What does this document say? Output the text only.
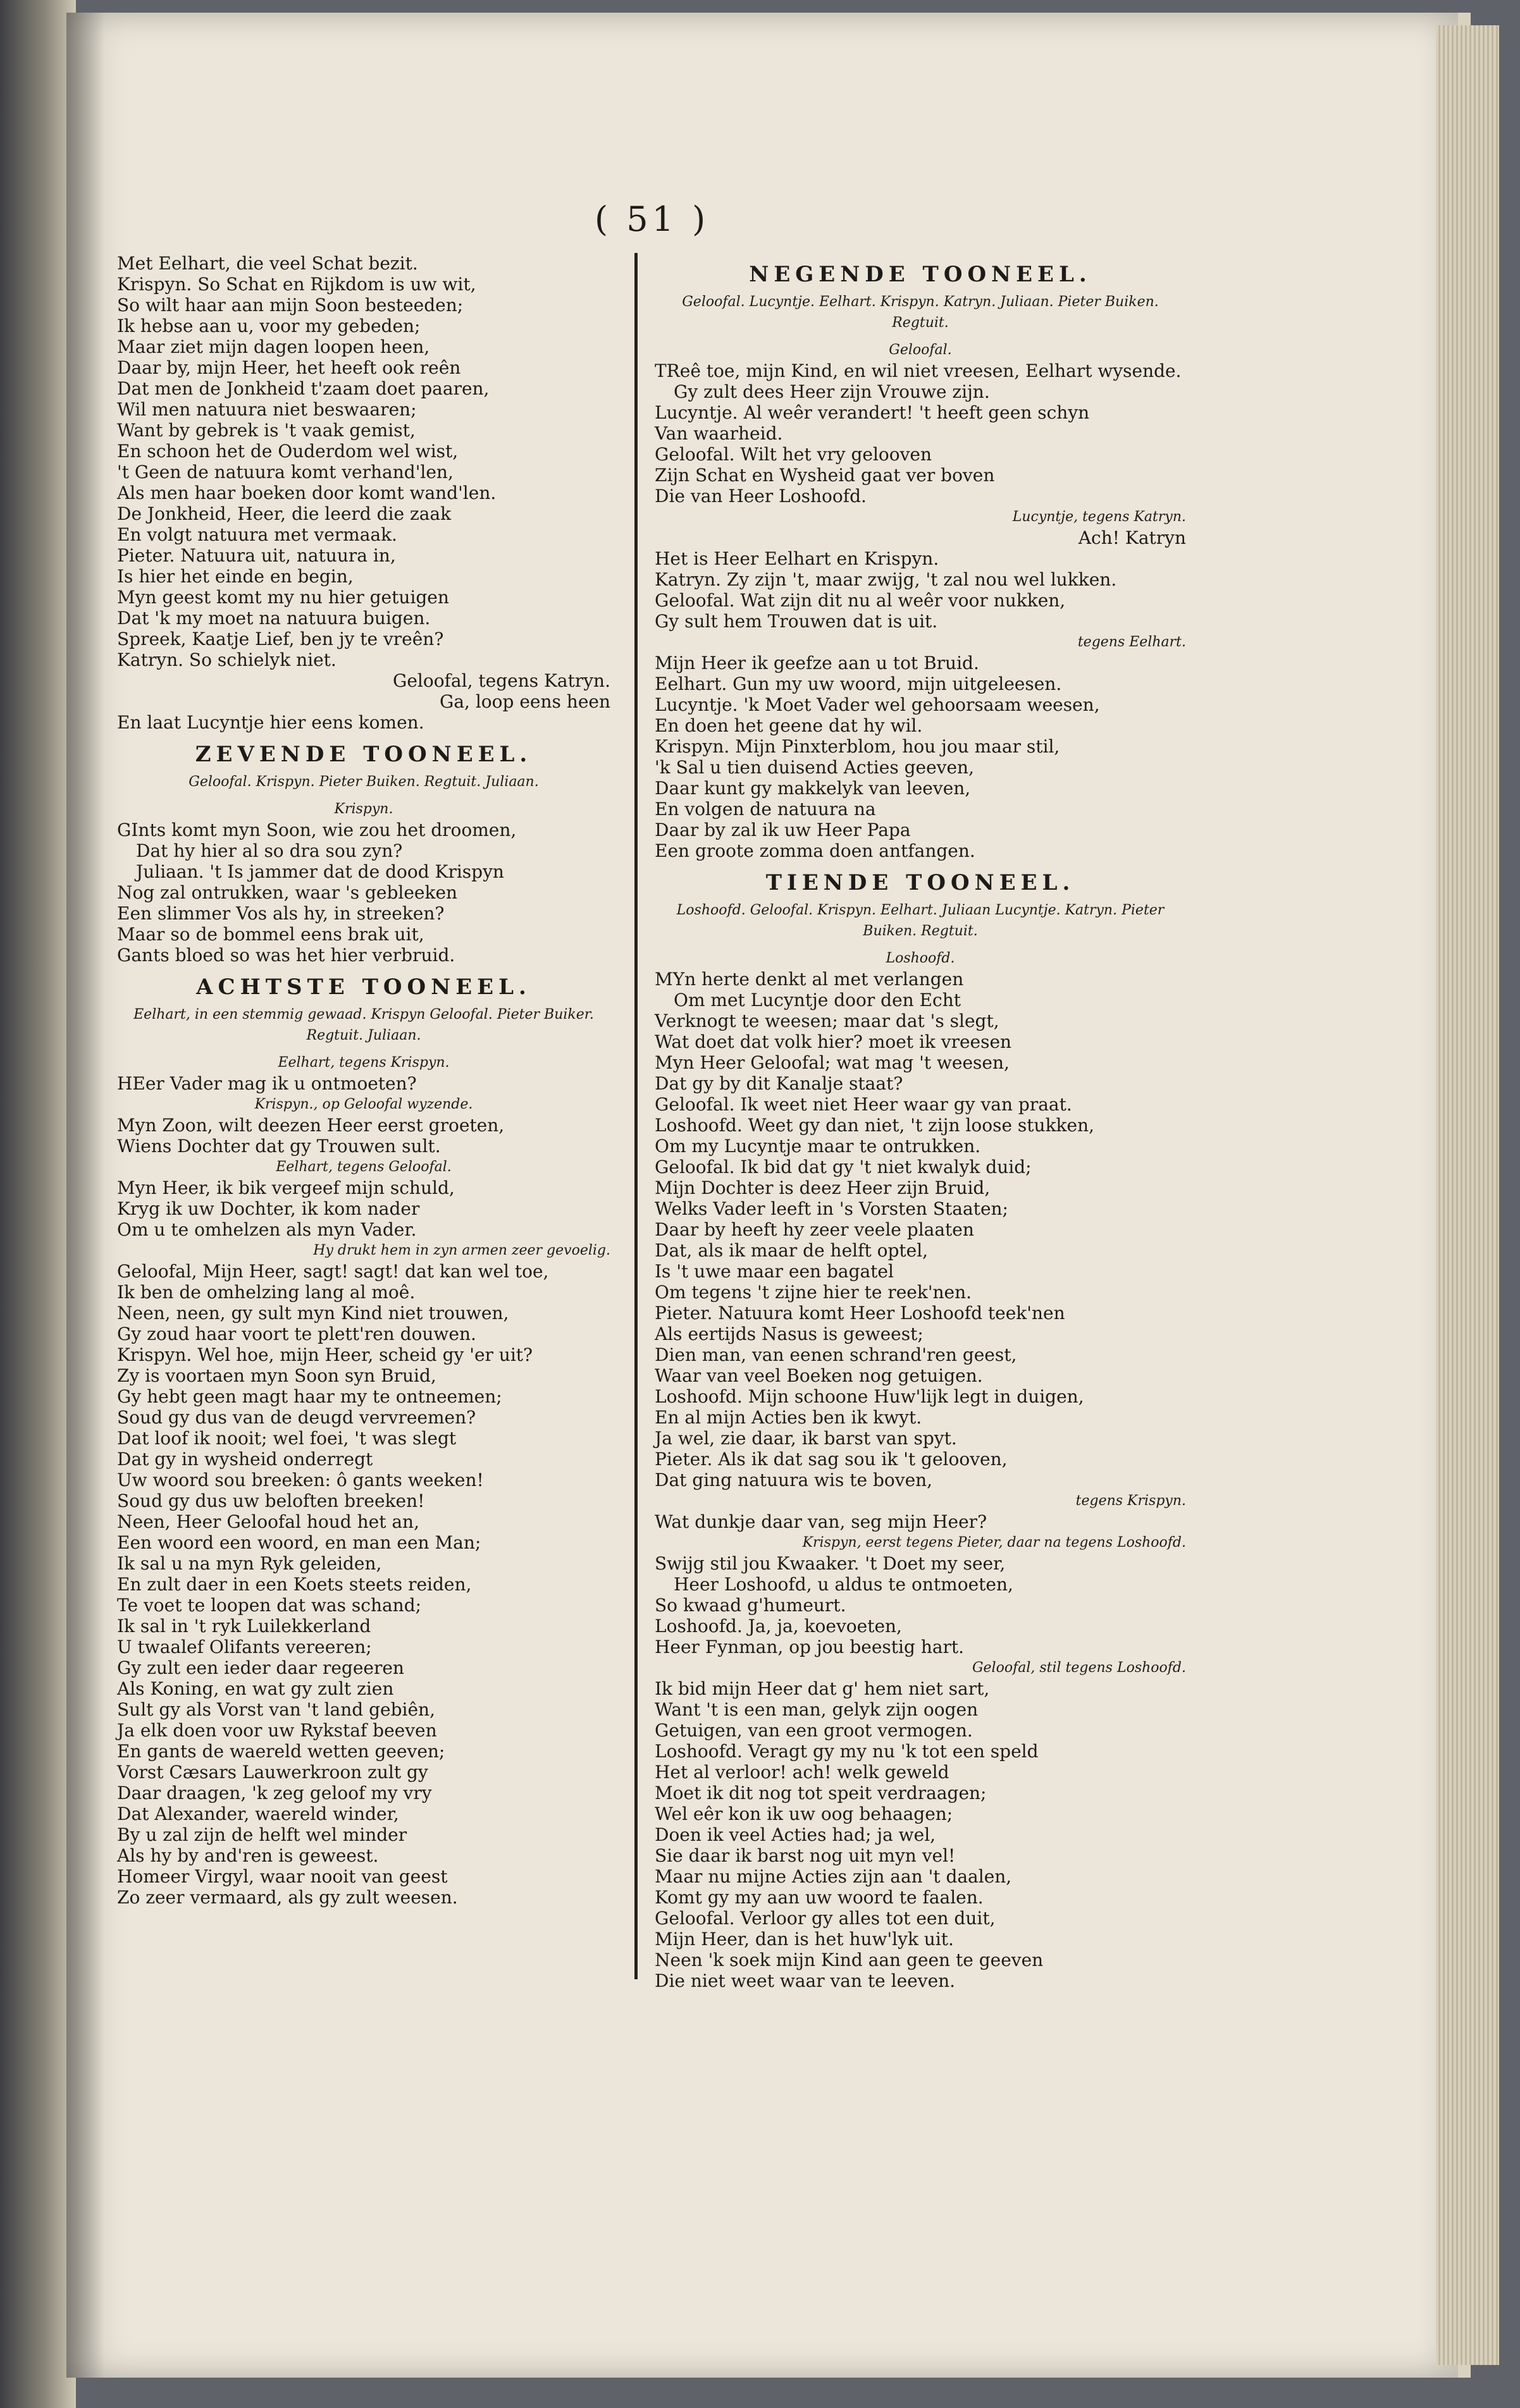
( 51 )
Met Eelhart, die veel Schat bezit.
Krispyn. So Schat en Rijkdom is uw wit,
So wilt haar aan mijn Soon besteeden;
Ik hebse aan u, voor my gebeden;
Maar ziet mijn dagen loopen heen,
Daar by, mijn Heer, het heeft ook reên
Dat men de Jonkheid t'zaam doet paaren,
Wil men natuura niet beswaaren;
Want by gebrek is 't vaak gemist,
En schoon het de Ouderdom wel wist,
't Geen de natuura komt verhand'len,
Als men haar boeken door komt wand'len.
De Jonkheid, Heer, die leerd die zaak
En volgt natuura met vermaak.
Pieter. Natuura uit, natuura in,
Is hier het einde en begin,
Myn geest komt my nu hier getuigen
Dat 'k my moet na natuura buigen.
Spreek, Kaatje Lief, ben jy te vreên?
Katryn. So schielyk niet.
Geloofal, tegens Katryn.
Ga, loop eens heen
En laat Lucyntje hier eens komen.
ZEVENDE TOONEEL.
Geloofal. Krispyn. Pieter Buiken. Regtuit. Juliaan.
Krispyn.
GInts komt myn Soon, wie zou het droomen,
Dat hy hier al so dra sou zyn?
Juliaan. 't Is jammer dat de dood Krispyn
Nog zal ontrukken, waar 's gebleeken
Een slimmer Vos als hy, in streeken?
Maar so de bommel eens brak uit,
Gants bloed so was het hier verbruid.
ACHTSTE TOONEEL.
Eelhart, in een stemmig gewaad. Krispyn Geloofal. Pieter Buiker. Regtuit. Juliaan.
Eelhart, tegens Krispyn.
HEer Vader mag ik u ontmoeten?
Krispyn., op Geloofal wyzende.
Myn Zoon, wilt deezen Heer eerst groeten,
Wiens Dochter dat gy Trouwen sult.
Eelhart, tegens Geloofal.
Myn Heer, ik bik vergeef mijn schuld,
Kryg ik uw Dochter, ik kom nader
Om u te omhelzen als myn Vader.
Hy drukt hem in zyn armen zeer gevoelig.
Geloofal, Mijn Heer, sagt! sagt! dat kan wel toe,
Ik ben de omhelzing lang al moê.
Neen, neen, gy sult myn Kind niet trouwen,
Gy zoud haar voort te plett'ren douwen.
Krispyn. Wel hoe, mijn Heer, scheid gy 'er uit?
Zy is voortaen myn Soon syn Bruid,
Gy hebt geen magt haar my te ontneemen;
Soud gy dus van de deugd vervreemen?
Dat loof ik nooit; wel foei, 't was slegt
Dat gy in wysheid onderregt
Uw woord sou breeken: ô gants weeken!
Soud gy dus uw beloften breeken!
Neen, Heer Geloofal houd het an,
Een woord een woord, en man een Man;
Ik sal u na myn Ryk geleiden,
En zult daer in een Koets steets reiden,
Te voet te loopen dat was schand;
Ik sal in 't ryk Luilekkerland
U twaalef Olifants vereeren;
Gy zult een ieder daar regeeren
Als Koning, en wat gy zult zien
Sult gy als Vorst van 't land gebiên,
Ja elk doen voor uw Rykstaf beeven
En gants de waereld wetten geeven;
Vorst Cæsars Lauwerkroon zult gy
Daar draagen, 'k zeg geloof my vry
Dat Alexander, waereld winder,
By u zal zijn de helft wel minder
Als hy by and'ren is geweest.
Homeer Virgyl, waar nooit van geest
Zo zeer vermaard, als gy zult weesen.
NEGENDE TOONEEL.
Geloofal. Lucyntje. Eelhart. Krispyn. Katryn. Juliaan. Pieter Buiken. Regtuit.
Geloofal.
TReê toe, mijn Kind, en wil niet vreesen, Eelhart wysende.
Gy zult dees Heer zijn Vrouwe zijn.
Lucyntje. Al weêr verandert! 't heeft geen schyn
Van waarheid.
Geloofal. Wilt het vry gelooven
Zijn Schat en Wysheid gaat ver boven
Die van Heer Loshoofd.
Lucyntje, tegens Katryn.
Ach! Katryn
Het is Heer Eelhart en Krispyn.
Katryn. Zy zijn 't, maar zwijg, 't zal nou wel lukken.
Geloofal. Wat zijn dit nu al weêr voor nukken,
Gy sult hem Trouwen dat is uit.
tegens Eelhart.
Mijn Heer ik geefze aan u tot Bruid.
Eelhart. Gun my uw woord, mijn uitgeleesen.
Lucyntje. 'k Moet Vader wel gehoorsaam weesen,
En doen het geene dat hy wil.
Krispyn. Mijn Pinxterblom, hou jou maar stil,
'k Sal u tien duisend Acties geeven,
Daar kunt gy makkelyk van leeven,
En volgen de natuura na
Daar by zal ik uw Heer Papa
Een groote zomma doen antfangen.
TIENDE TOONEEL.
Loshoofd. Geloofal. Krispyn. Eelhart. Juliaan Lucyntje. Katryn. Pieter Buiken. Regtuit.
Loshoofd.
MYn herte denkt al met verlangen
Om met Lucyntje door den Echt
Verknogt te weesen; maar dat 's slegt,
Wat doet dat volk hier? moet ik vreesen
Myn Heer Geloofal; wat mag 't weesen,
Dat gy by dit Kanalje staat?
Geloofal. Ik weet niet Heer waar gy van praat.
Loshoofd. Weet gy dan niet, 't zijn loose stukken,
Om my Lucyntje maar te ontrukken.
Geloofal. Ik bid dat gy 't niet kwalyk duid;
Mijn Dochter is deez Heer zijn Bruid,
Welks Vader leeft in 's Vorsten Staaten;
Daar by heeft hy zeer veele plaaten
Dat, als ik maar de helft optel,
Is 't uwe maar een bagatel
Om tegens 't zijne hier te reek'nen.
Pieter. Natuura komt Heer Loshoofd teek'nen
Als eertijds Nasus is geweest;
Dien man, van eenen schrand'ren geest,
Waar van veel Boeken nog getuigen.
Loshoofd. Mijn schoone Huw'lijk legt in duigen,
En al mijn Acties ben ik kwyt.
Ja wel, zie daar, ik barst van spyt.
Pieter. Als ik dat sag sou ik 't gelooven,
Dat ging natuura wis te boven,
tegens Krispyn.
Wat dunkje daar van, seg mijn Heer?
Krispyn, eerst tegens Pieter, daar na tegens Loshoofd.
Swijg stil jou Kwaaker. 't Doet my seer,
Heer Loshoofd, u aldus te ontmoeten,
So kwaad g'humeurt.
Loshoofd. Ja, ja, koevoeten,
Heer Fynman, op jou beestig hart.
Geloofal, stil tegens Loshoofd.
Ik bid mijn Heer dat g' hem niet sart,
Want 't is een man, gelyk zijn oogen
Getuigen, van een groot vermogen.
Loshoofd. Veragt gy my nu 'k tot een speld
Het al verloor! ach! welk geweld
Moet ik dit nog tot speit verdraagen;
Wel eêr kon ik uw oog behaagen;
Doen ik veel Acties had; ja wel,
Sie daar ik barst nog uit myn vel!
Maar nu mijne Acties zijn aan 't daalen,
Komt gy my aan uw woord te faalen.
Geloofal. Verloor gy alles tot een duit,
Mijn Heer, dan is het huw'lyk uit.
Neen 'k soek mijn Kind aan geen te geeven
Die niet weet waar van te leeven.
